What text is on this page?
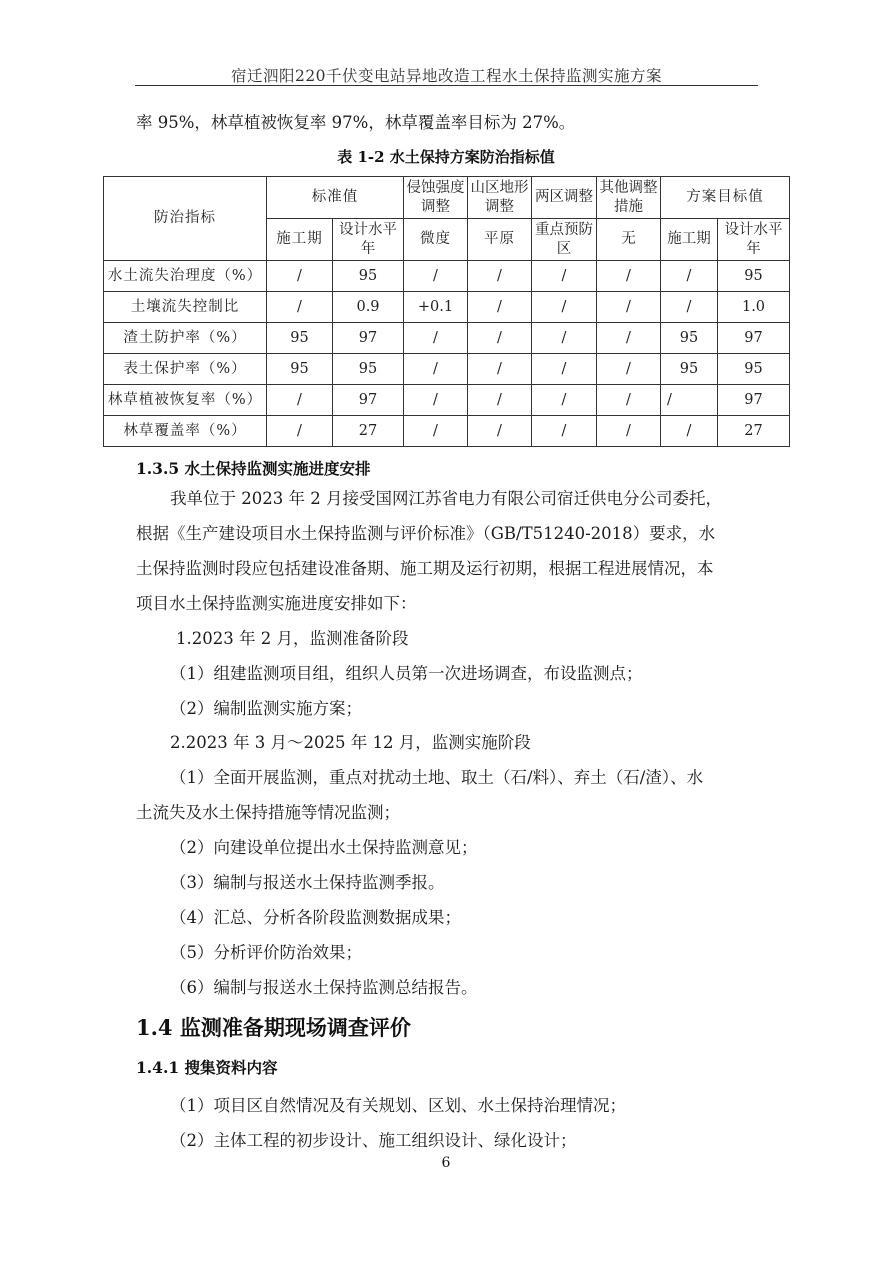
宿迁泗阳220千伏变电站异地改造工程水土保持监测实施方案
率 95%，林草植被恢复率 97%，林草覆盖率目标为 27%。
表 1-2 水土保持方案防治指标值
防治指标	标准值		侵蚀强度调整	山区地形调整	两区调整	其他调整措施	方案目标值	
	施工期	设计水平年	微度	平原	重点预防区	无	施工期	设计水平年
水土流失治理度（%）	/	95	/	/	/	/	/	95
土壤流失控制比	/	0.9	+0.1	/	/	/	/	1.0
渣土防护率（%）	95	97	/	/	/	/	95	97
表土保护率（%）	95	95	/	/	/	/	95	95
林草植被恢复率（%）	/	97	/	/	/	/	/	97
林草覆盖率（%）	/	27	/	/	/	/	/	27
1.3.5 水土保持监测实施进度安排
我单位于 2023 年 2 月接受国网江苏省电力有限公司宿迁供电分公司委托，
根据《生产建设项目水土保持监测与评价标准》（GB/T51240-2018）要求，水
土保持监测时段应包括建设准备期、施工期及运行初期，根据工程进展情况，本
项目水土保持监测实施进度安排如下：
1.2023 年 2 月，监测准备阶段
（1）组建监测项目组，组织人员第一次进场调查，布设监测点；
（2）编制监测实施方案；
2.2023 年 3 月～2025 年 12 月，监测实施阶段
（1）全面开展监测，重点对扰动土地、取土（石/料）、弃土（石/渣）、水
土流失及水土保持措施等情况监测；
（2）向建设单位提出水土保持监测意见；
（3）编制与报送水土保持监测季报。
（4）汇总、分析各阶段监测数据成果；
（5）分析评价防治效果；
（6）编制与报送水土保持监测总结报告。
1.4 监测准备期现场调查评价
1.4.1 搜集资料内容
（1）项目区自然情况及有关规划、区划、水土保持治理情况；
（2）主体工程的初步设计、施工组织设计、绿化设计；
6
